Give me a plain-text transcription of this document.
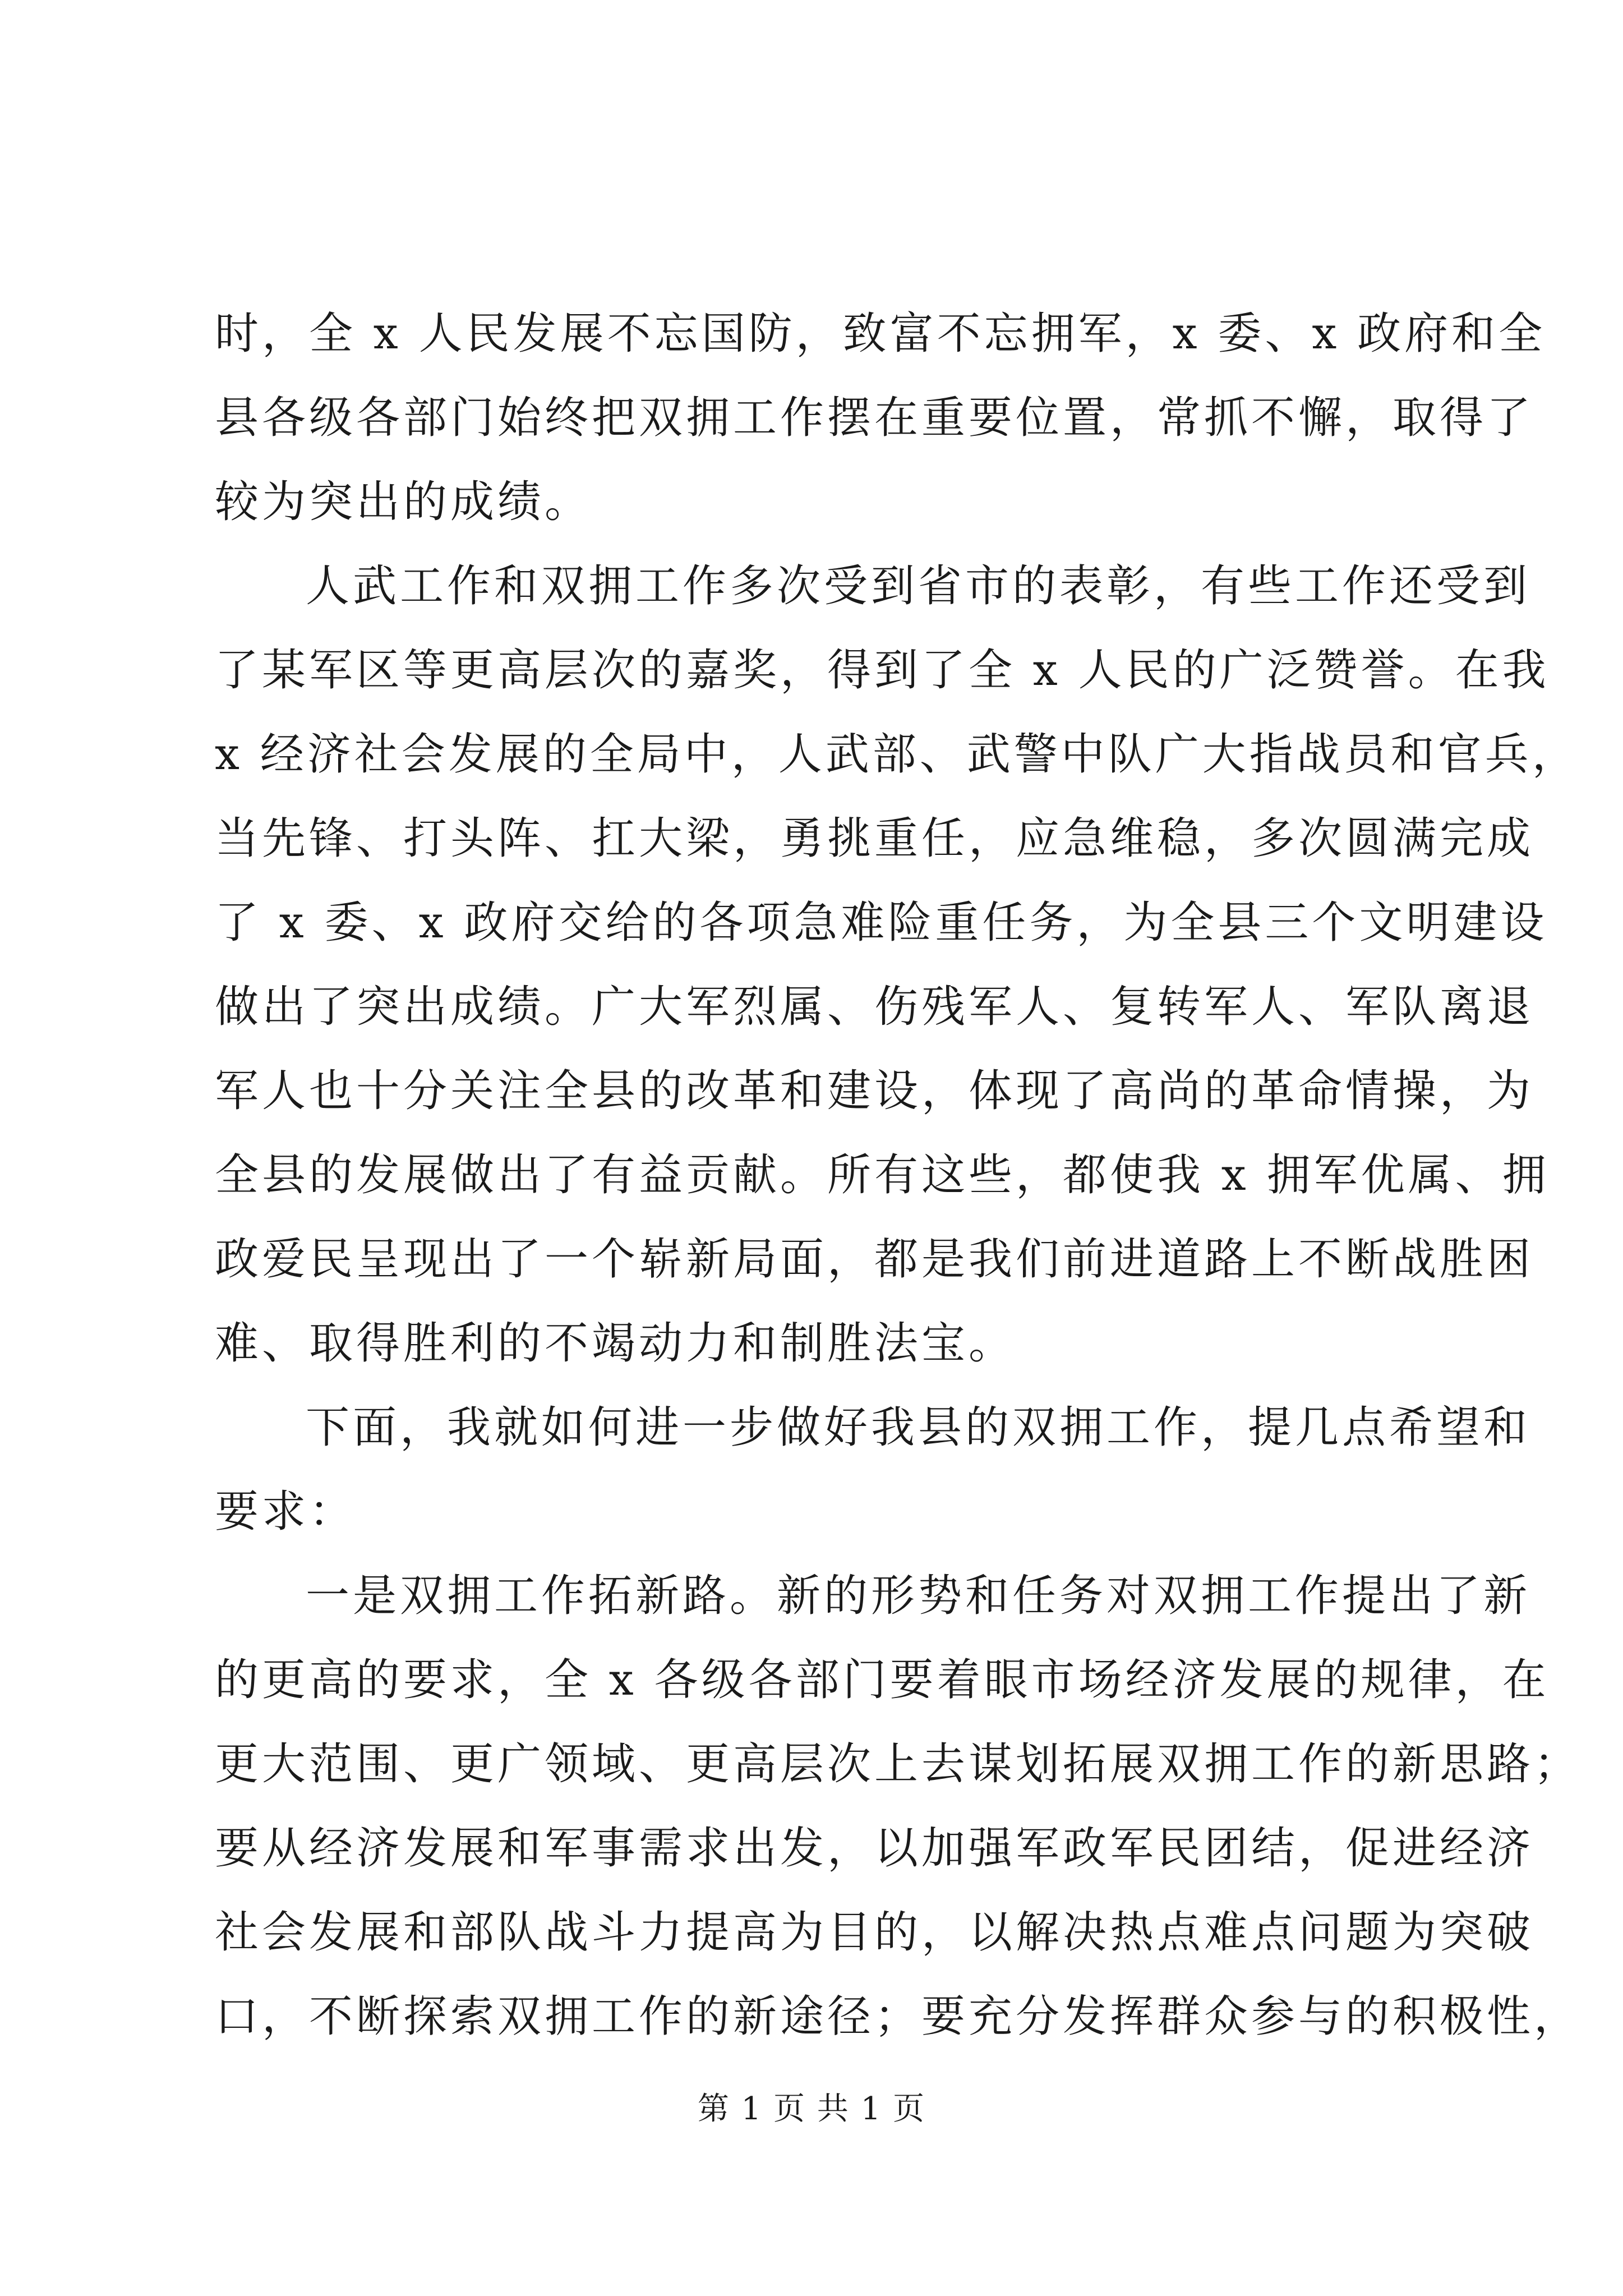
时，全 x 人民发展不忘国防，致富不忘拥军，x 委、x 政府和全
县各级各部门始终把双拥工作摆在重要位置，常抓不懈，取得了
较为突出的成绩。
人武工作和双拥工作多次受到省市的表彰，有些工作还受到
了某军区等更高层次的嘉奖，得到了全 x 人民的广泛赞誉。在我
x 经济社会发展的全局中，人武部、武警中队广大指战员和官兵，
当先锋、打头阵、扛大梁，勇挑重任，应急维稳，多次圆满完成
了 x 委、x 政府交给的各项急难险重任务，为全县三个文明建设
做出了突出成绩。广大军烈属、伤残军人、复转军人、军队离退
军人也十分关注全县的改革和建设，体现了高尚的革命情操，为
全县的发展做出了有益贡献。所有这些，都使我 x 拥军优属、拥
政爱民呈现出了一个崭新局面，都是我们前进道路上不断战胜困
难、取得胜利的不竭动力和制胜法宝。
下面，我就如何进一步做好我县的双拥工作，提几点希望和
要求：
一是双拥工作拓新路。新的形势和任务对双拥工作提出了新
的更高的要求，全 x 各级各部门要着眼市场经济发展的规律，在
更大范围、更广领域、更高层次上去谋划拓展双拥工作的新思路；
要从经济发展和军事需求出发，以加强军政军民团结，促进经济
社会发展和部队战斗力提高为目的，以解决热点难点问题为突破
口，不断探索双拥工作的新途径；要充分发挥群众参与的积极性，
第 1 页 共 1 页
